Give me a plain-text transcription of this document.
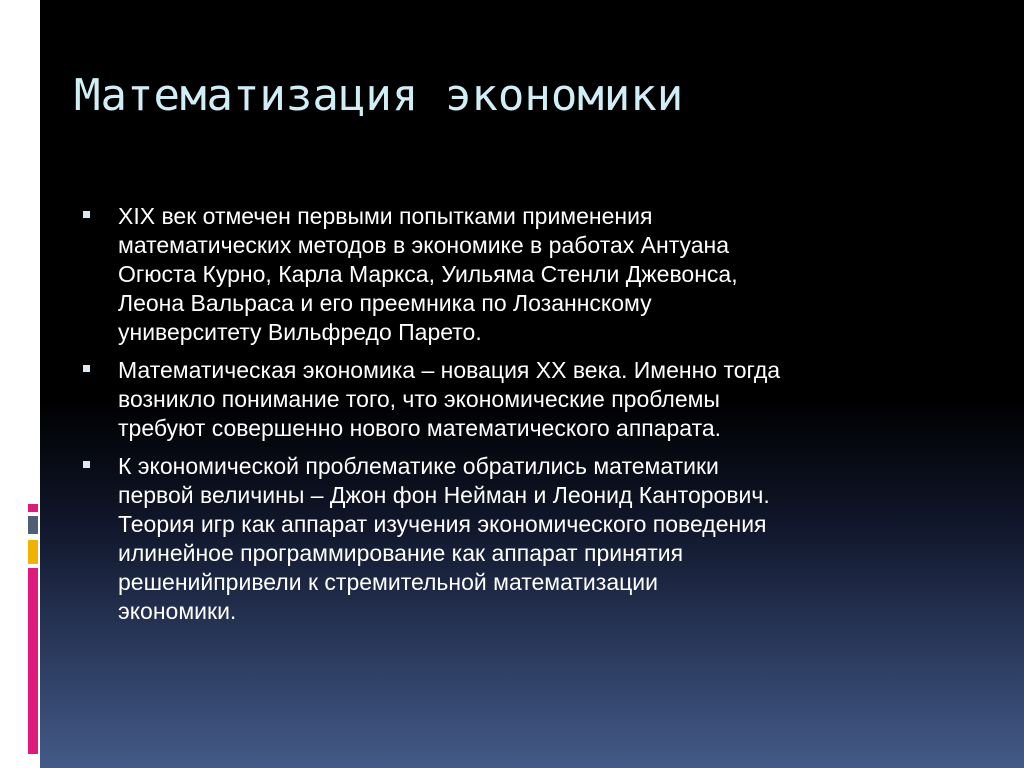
Математизация экономики
XIX век отмечен первыми попытками применения
математических методов в экономике в работах Антуана
Огюста Курно, Карла Маркса, Уильяма Стенли Джевонса,
Леона Вальраса и его преемника по Лозаннскому
университету Вильфредо Парето.
Математическая экономика – новация XX века. Именно тогда
возникло понимание того, что экономические проблемы
требуют совершенно нового математического аппарата.
К экономической проблематике обратились математики
первой величины – Джон фон Нейман и Леонид Канторович.
Теория игр как аппарат изучения экономического поведения
илинейное программирование как аппарат принятия
решенийпривели к стремительной математизации
экономики.
